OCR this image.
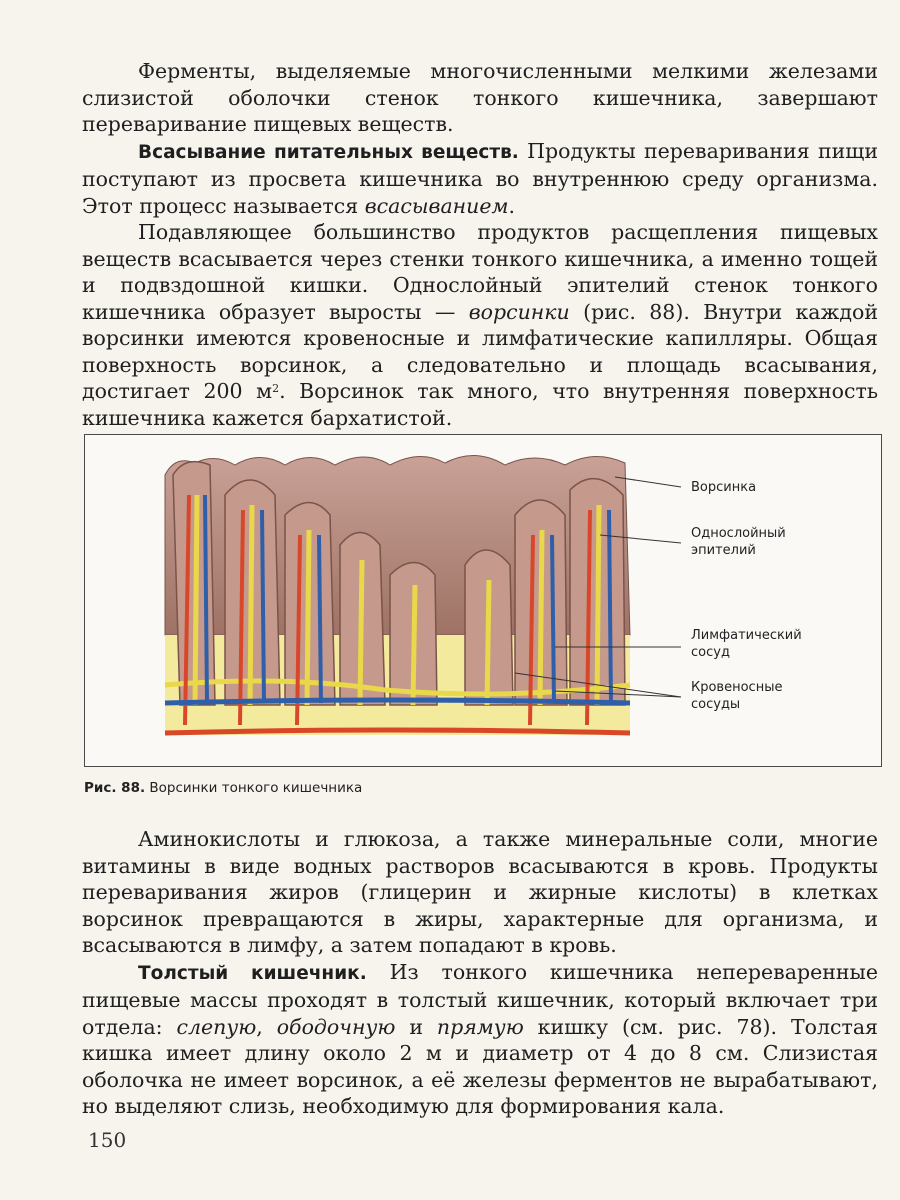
Ферменты, выделяемые многочисленными мелкими железами слизистой оболочки стенок тонкого кишечника, завершают переваривание пищевых веществ.

Всасывание питательных веществ. Продукты переваривания пищи поступают из просвета кишечника во внутреннюю среду организма. Этот процесс называется всасыванием.

Подавляющее большинство продуктов расщепления пищевых веществ всасывается через стенки тонкого кишечника, а именно тощей и подвздошной кишки. Однослойный эпителий стенок тонкого кишечника образует выросты — ворсинки (рис. 88). Внутри каждой ворсинки имеются кровеносные и лимфатические капилляры. Общая поверхность ворсинок, а следовательно и площадь всасывания, достигает 200 $м^2$. Ворсинок так много, что внутренняя поверхность кишечника кажется бархатистой.

Ворсинка
Однослойный эпителий
Лимфатический сосуд
Кровеносные сосуды
Рис. 88. Ворсинки тонкого кишечника

Аминокислоты и глюкоза, а также минеральные соли, многие витамины в виде водных растворов всасываются в кровь. Продукты переваривания жиров (глицерин и жирные кислоты) в клетках ворсинок превращаются в жиры, характерные для организма, и всасываются в лимфу, а затем попадают в кровь.

Толстый кишечник. Из тонкого кишечника непереваренные пищевые массы проходят в толстый кишечник, который включает три отдела: слепую, ободочную и прямую кишку (см. рис. 78). Толстая кишка имеет длину около 2 м и диаметр от 4 до 8 см. Слизистая оболочка не имеет ворсинок, а её железы ферментов не вырабатывают, но выделяют слизь, необходимую для формирования кала.

150
